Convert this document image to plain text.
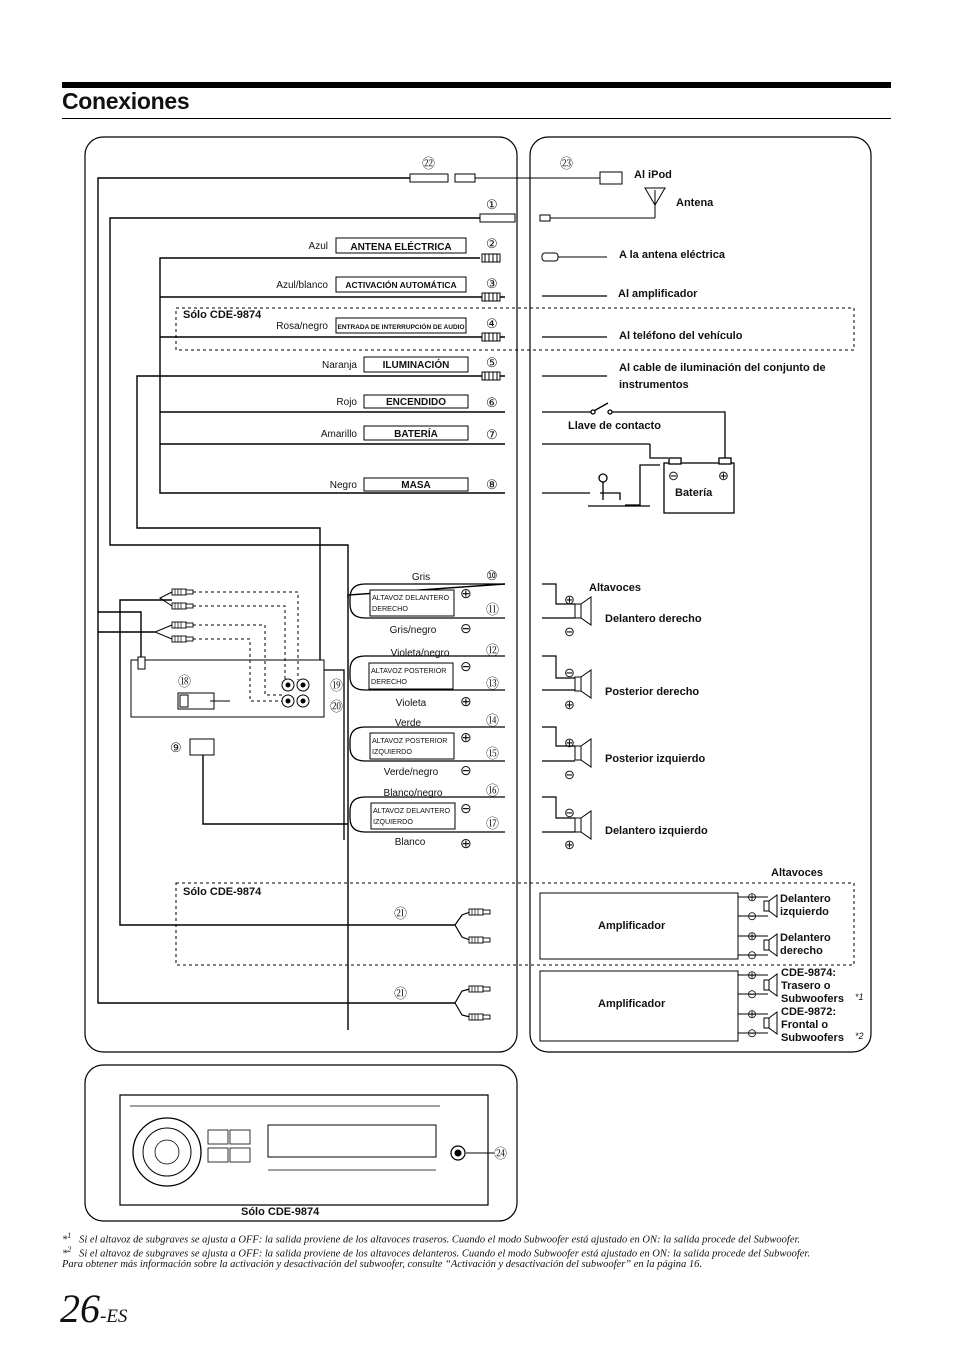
Conexiones
Sólo CDE-9874
Sólo CDE-9874
㉒	㉓
①
Al iPod
Antena
Azul ANTENA ELÉCTRICA	②
Azul/blanco ACTIVACIÓN AUTOMÁTICA ③
Rosa/negro ENTRADA DE INTERRUPCIÓN DE AUDIO ④
Naranja	ILUMINACIÓN	⑤
Rojo	ENCENDIDO	⑥
Amarillo	BATERÍA	⑦
Negro	MASA	⑧
⑱
⑨
⑲
⑳
Gris
Gris/negro
Violeta/negro
Violeta
Verde
Verde/negro
Blanco/negro
Blanco
⑩
⑪
⑫
⑬
⑭
⑮
⑯
⑰
⊕
⊖
⊖
⊕
⊕
⊖
⊖
⊕
ALTAVOZ DELANTERO
DERECHO
ALTAVOZ POSTERIOR
DERECHO
ALTAVOZ POSTERIOR
IZQUIERDO
ALTAVOZ DELANTERO
IZQUIERDO
㉑
㉑
A la antena eléctrica
Al amplificador
Al teléfono del vehículo
Al cable de iluminación del conjunto de
instrumentos
⊖	⊕
Llave de contacto
Batería
Altavoces
⊕
⊖
⊖
⊕
⊕
⊖
⊖
⊕
Delantero derecho
Posterior derecho
Posterior izquierdo
Delantero izquierdo
Altavoces
Amplificador
Amplificador
⊕
⊖
⊕
⊖
⊕
⊖
⊕
⊖
Delantero
izquierdo
Delantero
derecho
CDE-9874:
Trasero o
Subwoofers
CDE-9872:
Frontal o
Subwoofers
*1
*2
㉔
Sólo CDE-9874
*$^1$ Si el altavoz de subgraves se ajusta a OFF: la salida proviene de los altavoces traseros. Cuando el modo Subwoofer está ajustado en ON: la salida procede del Subwoofer.
*$^2$ Si el altavoz de subgraves se ajusta a OFF: la salida proviene de los altavoces delanteros. Cuando el modo Subwoofer está ajustado en ON: la salida procede del Subwoofer.
Para obtener más información sobre la activación y desactivación del subwoofer, consulte “Activación y desactivación del subwoofer” en la página 16.
26-ES
